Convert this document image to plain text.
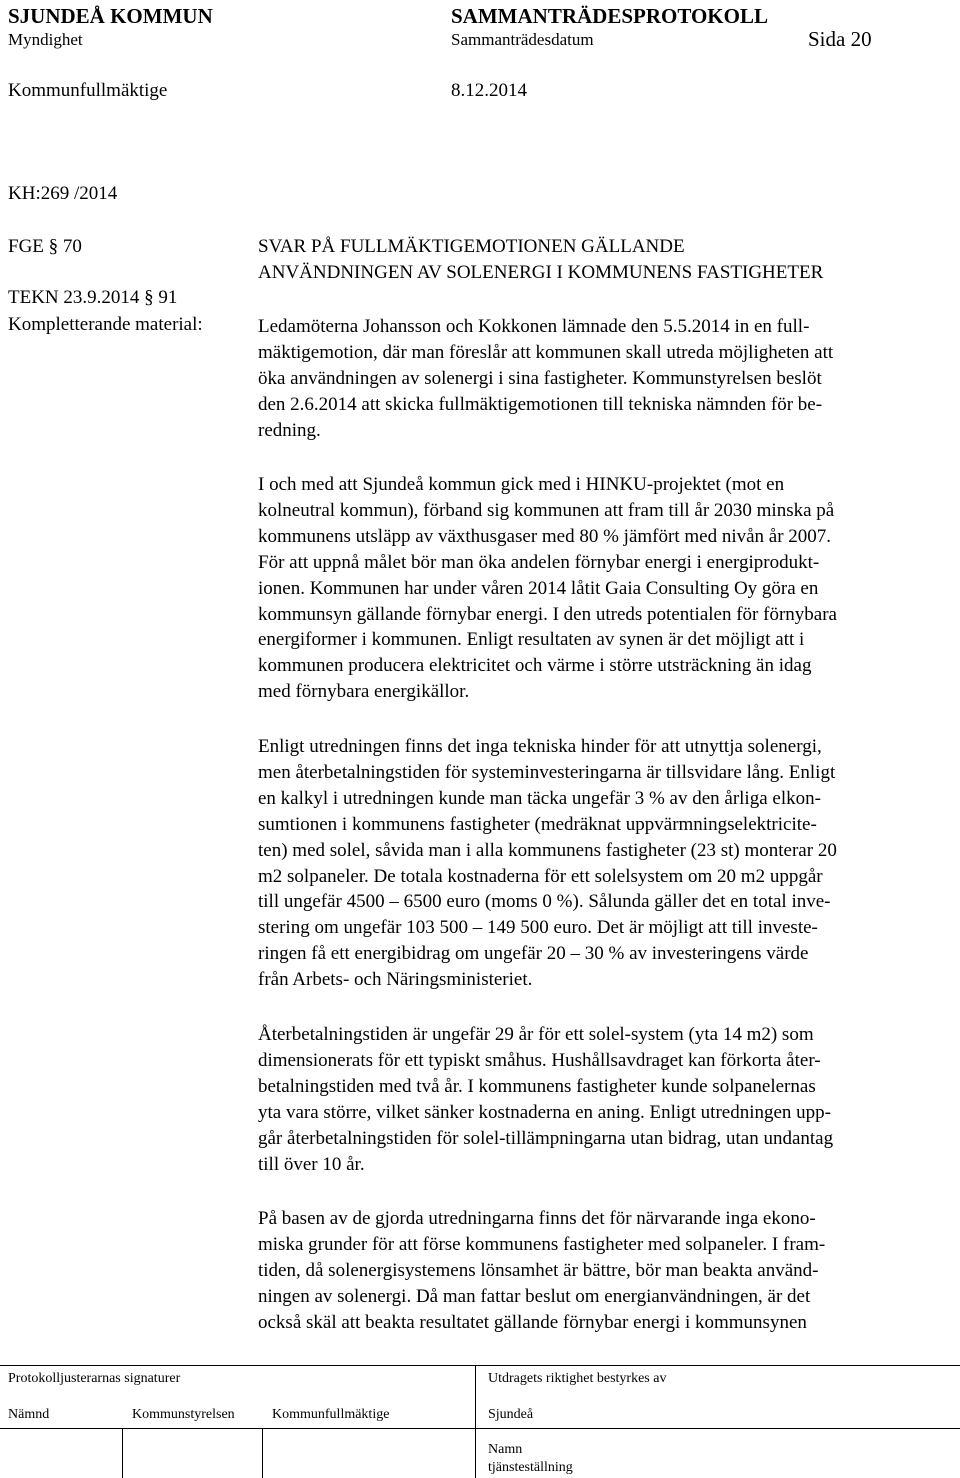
SJUNDEÅ KOMMUN	SAMMANTRÄDESPROTOKOLL
Myndighet	Sammanträdesdatum	Sida 20
Kommunfullmäktige	8.12.2014
KH:269 /2014
FGE § 70
TEKN 23.9.2014 § 91
Kompletterande material:
SVAR PÅ FULLMÄKTIGEMOTIONEN GÄLLANDE
ANVÄNDNINGEN AV SOLENERGI I KOMMUNENS FASTIGHETER
Ledamöterna Johansson och Kokkonen lämnade den 5.5.2014 in en full-
mäktigemotion, där man föreslår att kommunen skall utreda möjligheten att
öka användningen av solenergi i sina fastigheter. Kommunstyrelsen beslöt
den 2.6.2014 att skicka fullmäktigemotionen till tekniska nämnden för be-
redning.
I och med att Sjundeå kommun gick med i HINKU-projektet (mot en
kolneutral kommun), förband sig kommunen att fram till år 2030 minska på
kommunens utsläpp av växthusgaser med 80 % jämfört med nivån år 2007.
För att uppnå målet bör man öka andelen förnybar energi i energiprodukt-
ionen. Kommunen har under våren 2014 låtit Gaia Consulting Oy göra en
kommunsyn gällande förnybar energi. I den utreds potentialen för förnybara
energiformer i kommunen. Enligt resultaten av synen är det möjligt att i
kommunen producera elektricitet och värme i större utsträckning än idag
med förnybara energikällor.
Enligt utredningen finns det inga tekniska hinder för att utnyttja solenergi,
men återbetalningstiden för systeminvesteringarna är tillsvidare lång. Enligt
en kalkyl i utredningen kunde man täcka ungefär 3 % av den årliga elkon-
sumtionen i kommunens fastigheter (medräknat uppvärmningselektricite-
ten) med solel, såvida man i alla kommunens fastigheter (23 st) monterar 20
m2 solpaneler. De totala kostnaderna för ett solelsystem om 20 m2 uppgår
till ungefär 4500 – 6500 euro (moms 0 %). Sålunda gäller det en total inve-
stering om ungefär 103 500 – 149 500 euro. Det är möjligt att till investe-
ringen få ett energibidrag om ungefär 20 – 30 % av investeringens värde
från Arbets- och Näringsministeriet.
Återbetalningstiden är ungefär 29 år för ett solel-system (yta 14 m2) som
dimensionerats för ett typiskt småhus. Hushållsavdraget kan förkorta åter-
betalningstiden med två år. I kommunens fastigheter kunde solpanelernas
yta vara större, vilket sänker kostnaderna en aning. Enligt utredningen upp-
går återbetalningstiden för solel-tillämpningarna utan bidrag, utan undantag
till över 10 år.
På basen av de gjorda utredningarna finns det för närvarande inga ekono-
miska grunder för att förse kommunens fastigheter med solpaneler. I fram-
tiden, då solenergisystemens lönsamhet är bättre, bör man beakta använd-
ningen av solenergi. Då man fattar beslut om energianvändningen, är det
också skäl att beakta resultatet gällande förnybar energi i kommunsynen
Protokolljusterarnas signaturer	Utdragets riktighet bestyrkes av
Nämnd	Kommunstyrelsen	Kommunfullmäktige	Sjundeå
Namn
tjänsteställning
